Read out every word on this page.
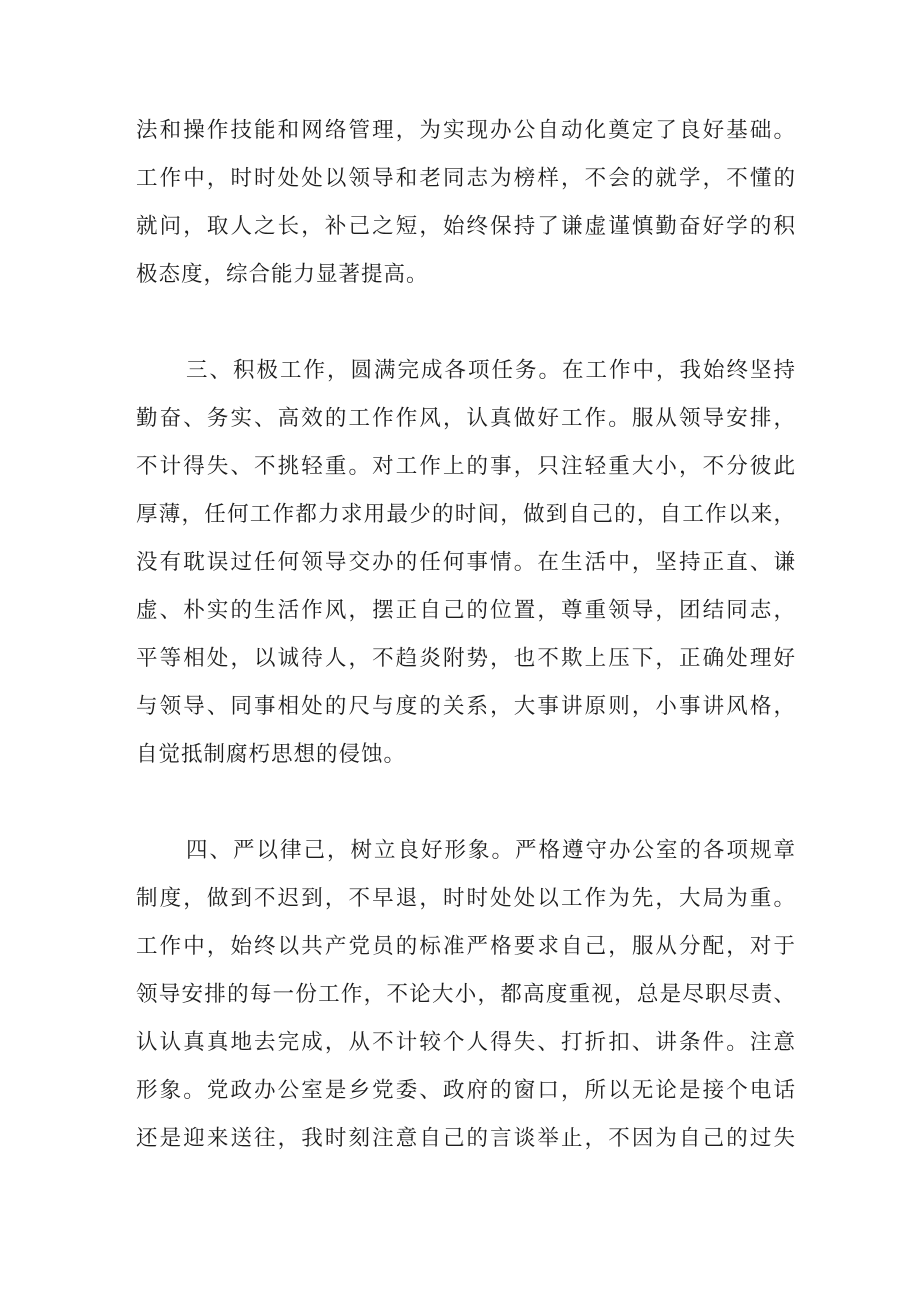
法和操作技能和网络管理，为实现办公自动化奠定了良好基础。

工作中，时时处处以领导和老同志为榜样，不会的就学，不懂的

就问，取人之长，补己之短，始终保持了谦虚谨慎勤奋好学的积

极态度，综合能力显著提高。

三、积极工作，圆满完成各项任务。在工作中，我始终坚持

勤奋、务实、高效的工作作风，认真做好工作。服从领导安排，

不计得失、不挑轻重。对工作上的事，只注轻重大小，不分彼此

厚薄，任何工作都力求用最少的时间，做到自己的，自工作以来，

没有耽误过任何领导交办的任何事情。在生活中，坚持正直、谦

虚、朴实的生活作风，摆正自己的位置，尊重领导，团结同志，

平等相处，以诚待人，不趋炎附势，也不欺上压下，正确处理好

与领导、同事相处的尺与度的关系，大事讲原则，小事讲风格，

自觉抵制腐朽思想的侵蚀。

四、严以律己，树立良好形象。严格遵守办公室的各项规章

制度，做到不迟到，不早退，时时处处以工作为先，大局为重。

工作中，始终以共产党员的标准严格要求自己，服从分配，对于

领导安排的每一份工作，不论大小，都高度重视，总是尽职尽责、

认认真真地去完成，从不计较个人得失、打折扣、讲条件。注意

形象。党政办公室是乡党委、政府的窗口，所以无论是接个电话

还是迎来送往，我时刻注意自己的言谈举止，不因为自己的过失
